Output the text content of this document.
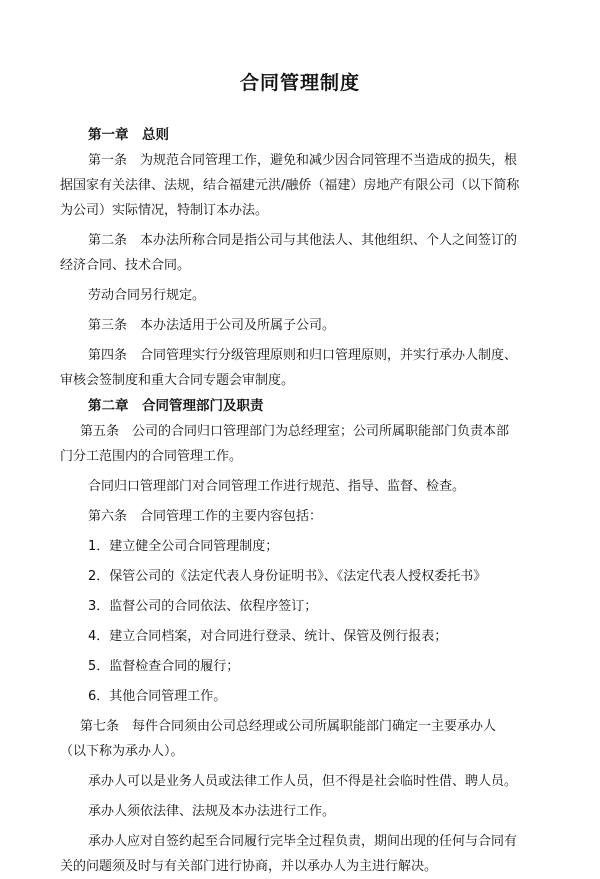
合同管理制度

第一章　总则

第一条　为规范合同管理工作，避免和减少因合同管理不当造成的损失，根

据国家有关法律、法规，结合福建元洪/融侨（福建）房地产有限公司（以下简称

为公司）实际情况，特制订本办法。

第二条　本办法所称合同是指公司与其他法人、其他组织、个人之间签订的

经济合同、技术合同。

劳动合同另行规定。

第三条　本办法适用于公司及所属子公司。

第四条　合同管理实行分级管理原则和归口管理原则，并实行承办人制度、

审核会签制度和重大合同专题会审制度。

第二章　合同管理部门及职责

第五条　公司的合同归口管理部门为总经理室；公司所属职能部门负责本部

门分工范围内的合同管理工作。

合同归口管理部门对合同管理工作进行规范、指导、监督、检查。

第六条　合同管理工作的主要内容包括：

1．建立健全公司合同管理制度；

2．保管公司的《法定代表人身份证明书》、《法定代表人授权委托书》

3．监督公司的合同依法、依程序签订；

4．建立合同档案，对合同进行登录、统计、保管及例行报表；

5．监督检查合同的履行；

6．其他合同管理工作。

第七条　每件合同须由公司总经理或公司所属职能部门确定一主要承办人

（以下称为承办人）。

承办人可以是业务人员或法律工作人员，但不得是社会临时性借、聘人员。

承办人须依法律、法规及本办法进行工作。

承办人应对自签约起至合同履行完毕全过程负责，期间出现的任何与合同有

关的问题须及时与有关部门进行协商，并以承办人为主进行解决。
